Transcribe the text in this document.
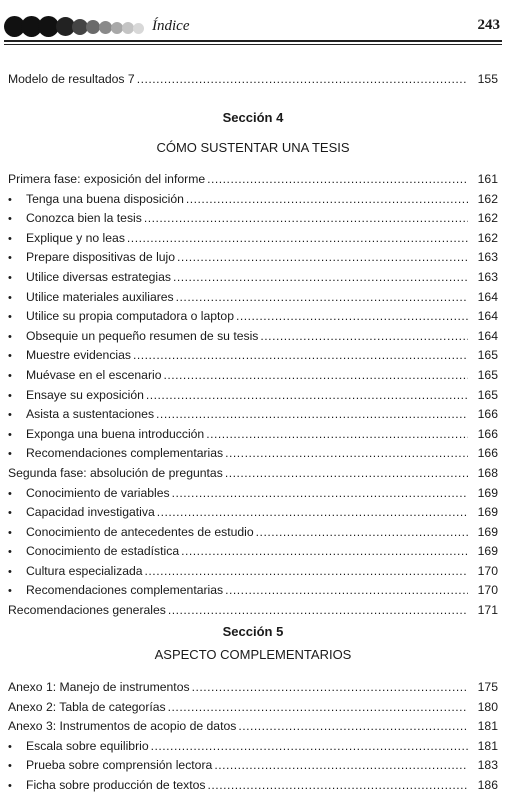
Índice	243
Modelo de resultados 7 .....	155
Sección 4
CÓMO SUSTENTAR UNA TESIS
Primera fase: exposición del informe .....	161
•	Tenga una buena disposición .....	162
•	Conozca bien la tesis .....	162
•	Explique y no leas .....	162
•	Prepare dispositivas de lujo .....	163
•	Utilice diversas estrategias .....	163
•	Utilice materiales auxiliares .....	164
•	Utilice su propia computadora o laptop .....	164
•	Obsequie un pequeño resumen de su tesis .....	164
•	Muestre evidencias .....	165
•	Muévase en el escenario .....	165
•	Ensaye su exposición .....	165
•	Asista a sustentaciones .....	166
•	Exponga una buena introducción .....	166
•	Recomendaciones complementarias .....	166
Segunda fase: absolución de preguntas .....	168
•	Conocimiento de variables .....	169
•	Capacidad investigativa .....	169
•	Conocimiento de antecedentes de estudio .....	169
•	Conocimiento de estadística .....	169
•	Cultura especializada .....	170
•	Recomendaciones complementarias .....	170
Recomendaciones generales .....	171
Sección 5
ASPECTO COMPLEMENTARIOS
Anexo 1: Manejo de instrumentos .....	175
Anexo 2: Tabla de categorías .....	180
Anexo 3: Instrumentos de acopio de datos .....	181
•	Escala sobre equilibrio .....	181
•	Prueba sobre comprensión lectora .....	183
•	Ficha sobre producción de textos .....	186
